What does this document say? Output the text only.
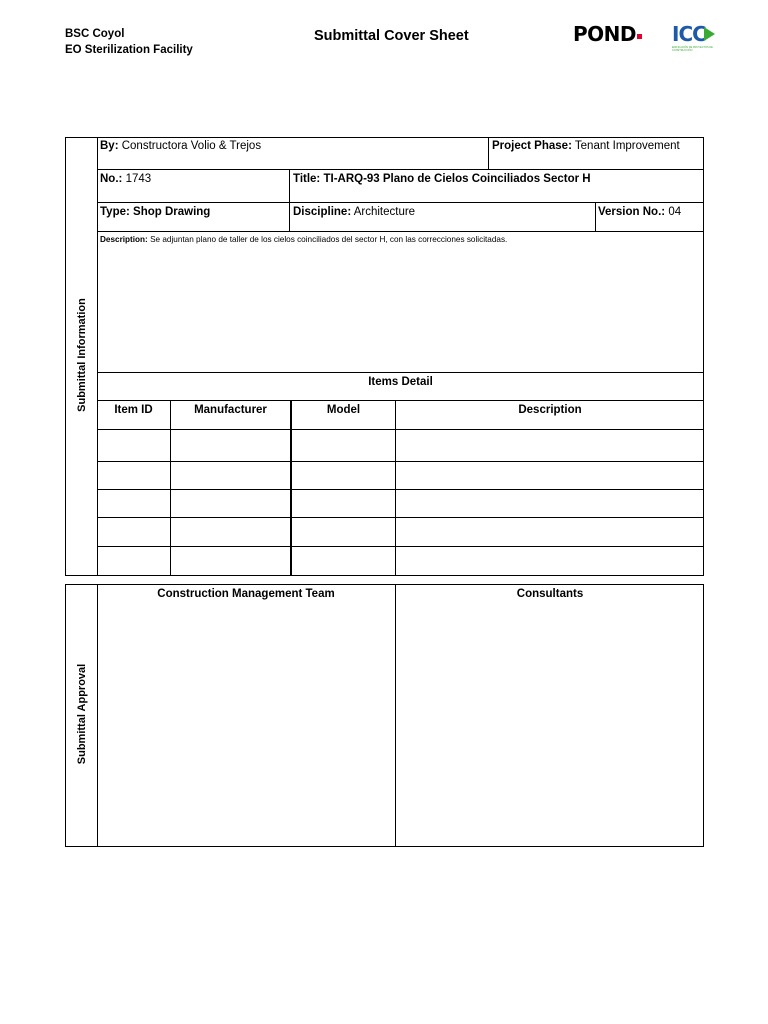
BSC Coyol
EO Sterilization Facility
Submittal Cover Sheet	POND	ICC
EDIFICACIÓN DE PROYECTOS DE CONSTRUCCIÓN
Submittal Information
By: Constructora Volio & Trejos	Project Phase: Tenant Improvement
No.: 1743	Title: TI-ARQ-93 Plano de Cielos Coinciliados Sector H
Type: Shop Drawing	Discipline: Architecture	Version No.: 04
Description: Se adjuntan plano de taller de los cielos coinciliados del sector H, con las correcciones solicitadas.
Items Detail
Item ID	Manufacturer	Model	Description
Submittal Approval
Construction Management Team	Consultants
